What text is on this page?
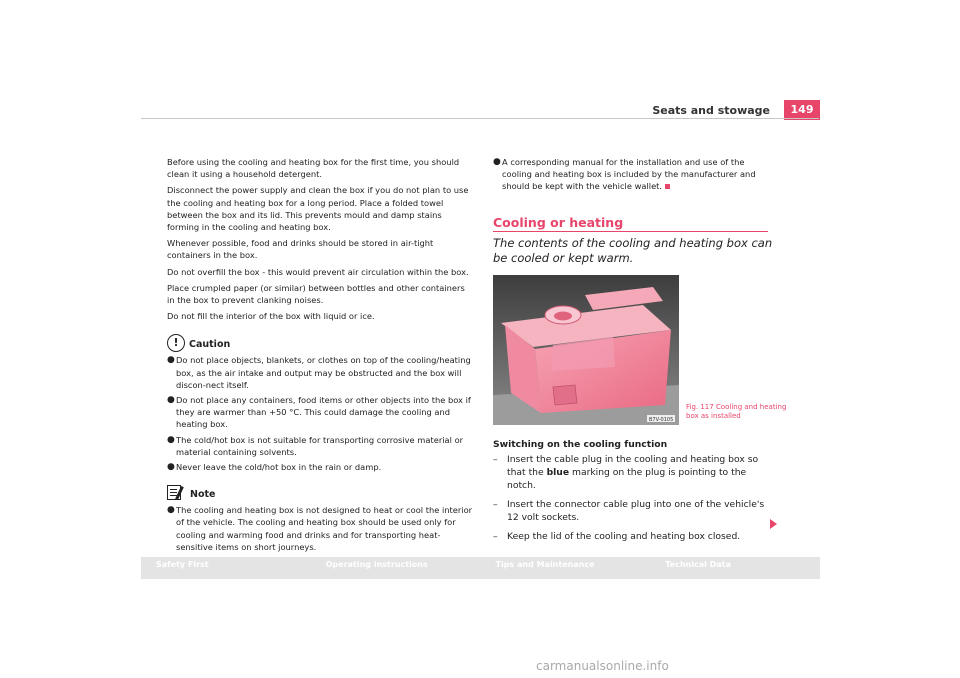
Seats and stowage	149

Before using the cooling and heating box for the first time, you should clean it using a household detergent.

Disconnect the power supply and clean the box if you do not plan to use the cooling and heating box for a long period. Place a folded towel between the box and its lid. This prevents mould and damp stains forming in the cooling and heating box.

Whenever possible, food and drinks should be stored in air-tight containers in the box.

Do not overfill the box - this would prevent air circulation within the box.

Place crumpled paper (or similar) between bottles and other containers in the box to prevent clanking noises.

Do not fill the interior of the box with liquid or ice.

!	Caution
● Do not place objects, blankets, or clothes on top of the cooling/heating box, as the air intake and output may be obstructed and the box will discon-nect itself.
● Do not place any containers, food items or other objects into the box if they are warmer than +50 °C. This could damage the cooling and heating box.
● The cold/hot box is not suitable for transporting corrosive material or material containing solvents.
● Never leave the cold/hot box in the rain or damp.
Note
● The cooling and heating box is not designed to heat or cool the interior of the vehicle. The cooling and heating box should be used only for cooling and warming food and drinks and for transporting heat-sensitive items on short journeys.
● A corresponding manual for the installation and use of the cooling and heating box is included by the manufacturer and should be kept with the vehicle wallet.
Cooling or heating
The contents of the cooling and heating box can be cooled or kept warm.
B7V-0105
Fig. 117 Cooling and heating box as installed
Switching on the cooling function
–	Insert the cable plug in the cooling and heating box so that the blue marking on the plug is pointing to the notch.
–	Insert the connector cable plug into one of the vehicle's 12 volt sockets.
–	Keep the lid of the cooling and heating box closed.
Safety First	Operating instructions	Tips and Maintenance	Technical Data
carmanualsonline.info
